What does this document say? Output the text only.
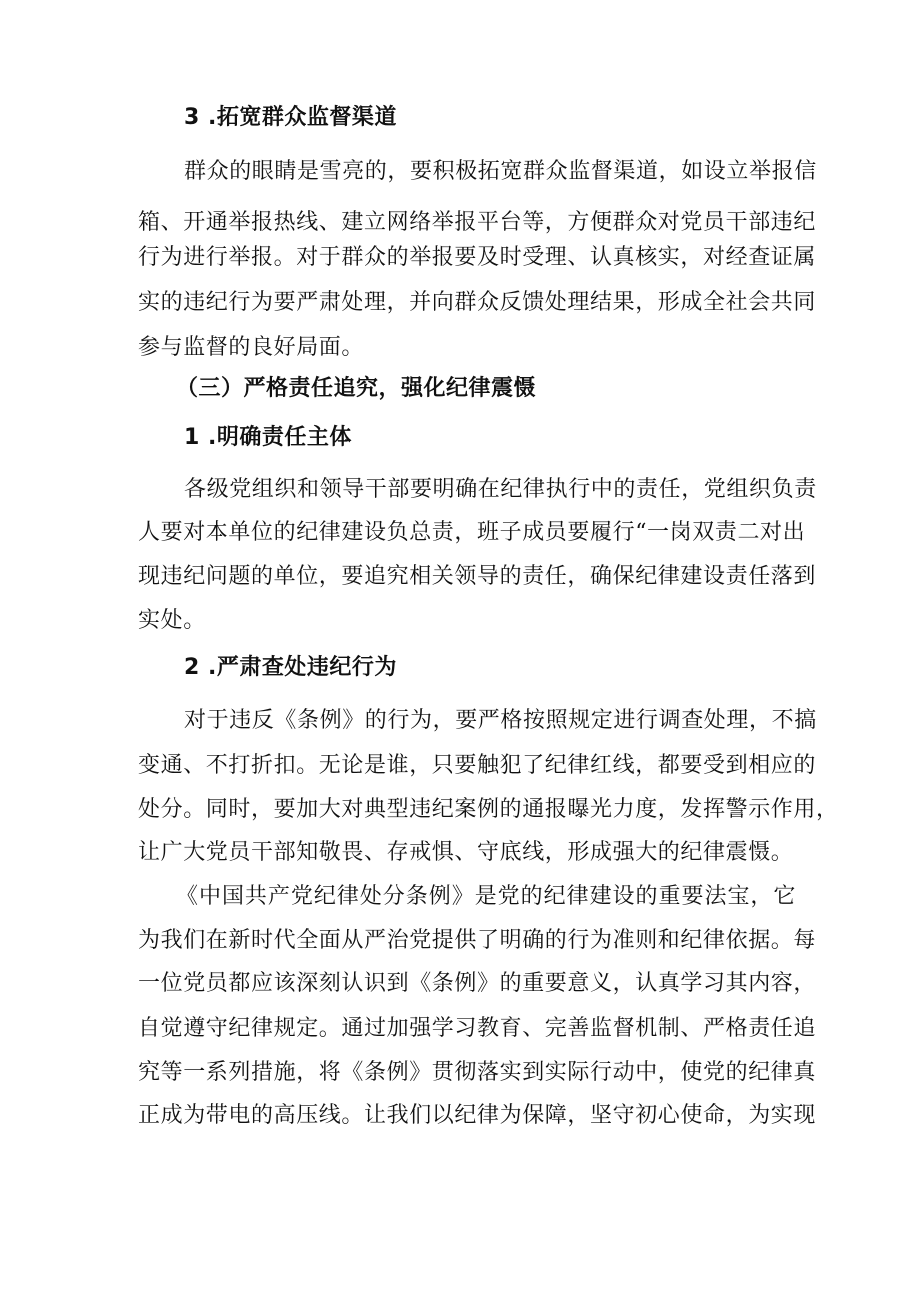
3 .拓宽群众监督渠道
群众的眼睛是雪亮的，要积极拓宽群众监督渠道，如设立举报信
箱、开通举报热线、建立网络举报平台等，方便群众对党员干部违纪
行为进行举报。对于群众的举报要及时受理、认真核实，对经查证属
实的违纪行为要严肃处理，并向群众反馈处理结果，形成全社会共同
参与监督的良好局面。
（三）严格责任追究，强化纪律震慑
1 .明确责任主体
各级党组织和领导干部要明确在纪律执行中的责任，党组织负责
人要对本单位的纪律建设负总责，班子成员要履行“一岗双责二对出
现违纪问题的单位，要追究相关领导的责任，确保纪律建设责任落到
实处。
2 .严肃查处违纪行为
对于违反《条例》的行为，要严格按照规定进行调查处理，不搞
变通、不打折扣。无论是谁，只要触犯了纪律红线，都要受到相应的
处分。同时，要加大对典型违纪案例的通报曝光力度，发挥警示作用，
让广大党员干部知敬畏、存戒惧、守底线，形成强大的纪律震慑。
《中国共产党纪律处分条例》是党的纪律建设的重要法宝，它
为我们在新时代全面从严治党提供了明确的行为准则和纪律依据。每
一位党员都应该深刻认识到《条例》的重要意义，认真学习其内容，
自觉遵守纪律规定。通过加强学习教育、完善监督机制、严格责任追
究等一系列措施，将《条例》贯彻落实到实际行动中，使党的纪律真
正成为带电的高压线。让我们以纪律为保障，坚守初心使命，为实现
